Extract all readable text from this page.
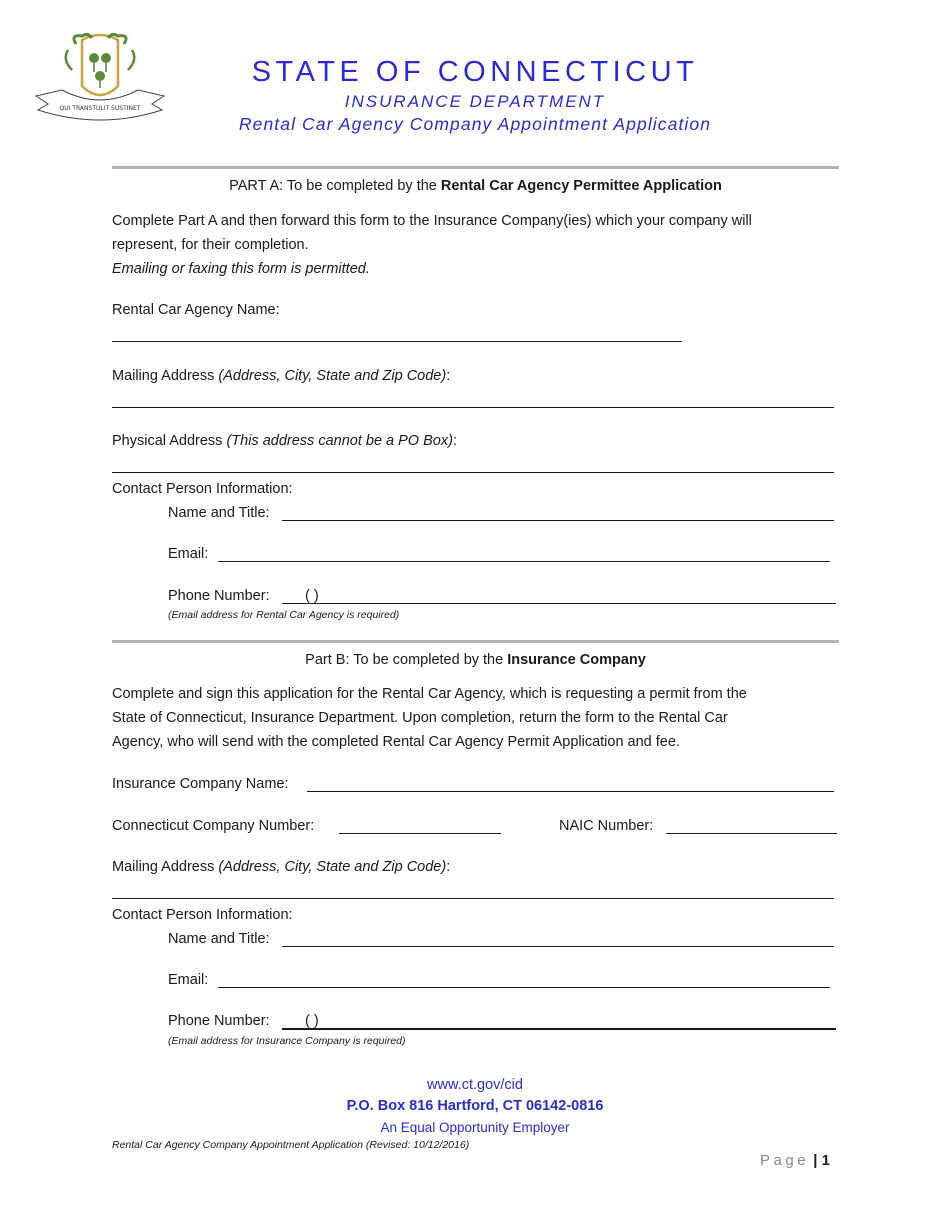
QUI TRANSTULIT SUSTINET
STATE OF CONNECTICUT
INSURANCE DEPARTMENT
Rental Car Agency Company Appointment Application
PART A: To be completed by the Rental Car Agency Permittee Application
Complete Part A and then forward this form to the Insurance Company(ies) which your company will
represent, for their completion.
Emailing or faxing this form is permitted.
Rental Car Agency Name:
Mailing Address (Address, City, State and Zip Code):
Physical Address (This address cannot be a PO Box):
Contact Person Information:
Name and Title:
Email:
Phone Number: ( )
(Email address for Rental Car Agency is required)
Part B: To be completed by the Insurance Company
Complete and sign this application for the Rental Car Agency, which is requesting a permit from the
State of Connecticut, Insurance Department. Upon completion, return the form to the Rental Car
Agency, who will send with the completed Rental Car Agency Permit Application and fee.
Insurance Company Name:
Connecticut Company Number:	NAIC Number:
Mailing Address (Address, City, State and Zip Code):
Contact Person Information:
Name and Title:
Email:
Phone Number: ( )
(Email address for Insurance Company is required)
www.ct.gov/cid
P.O. Box 816 Hartford, CT 06142-0816
An Equal Opportunity Employer
Rental Car Agency Company Appointment Application (Revised: 10/12/2016)
Page | 1
